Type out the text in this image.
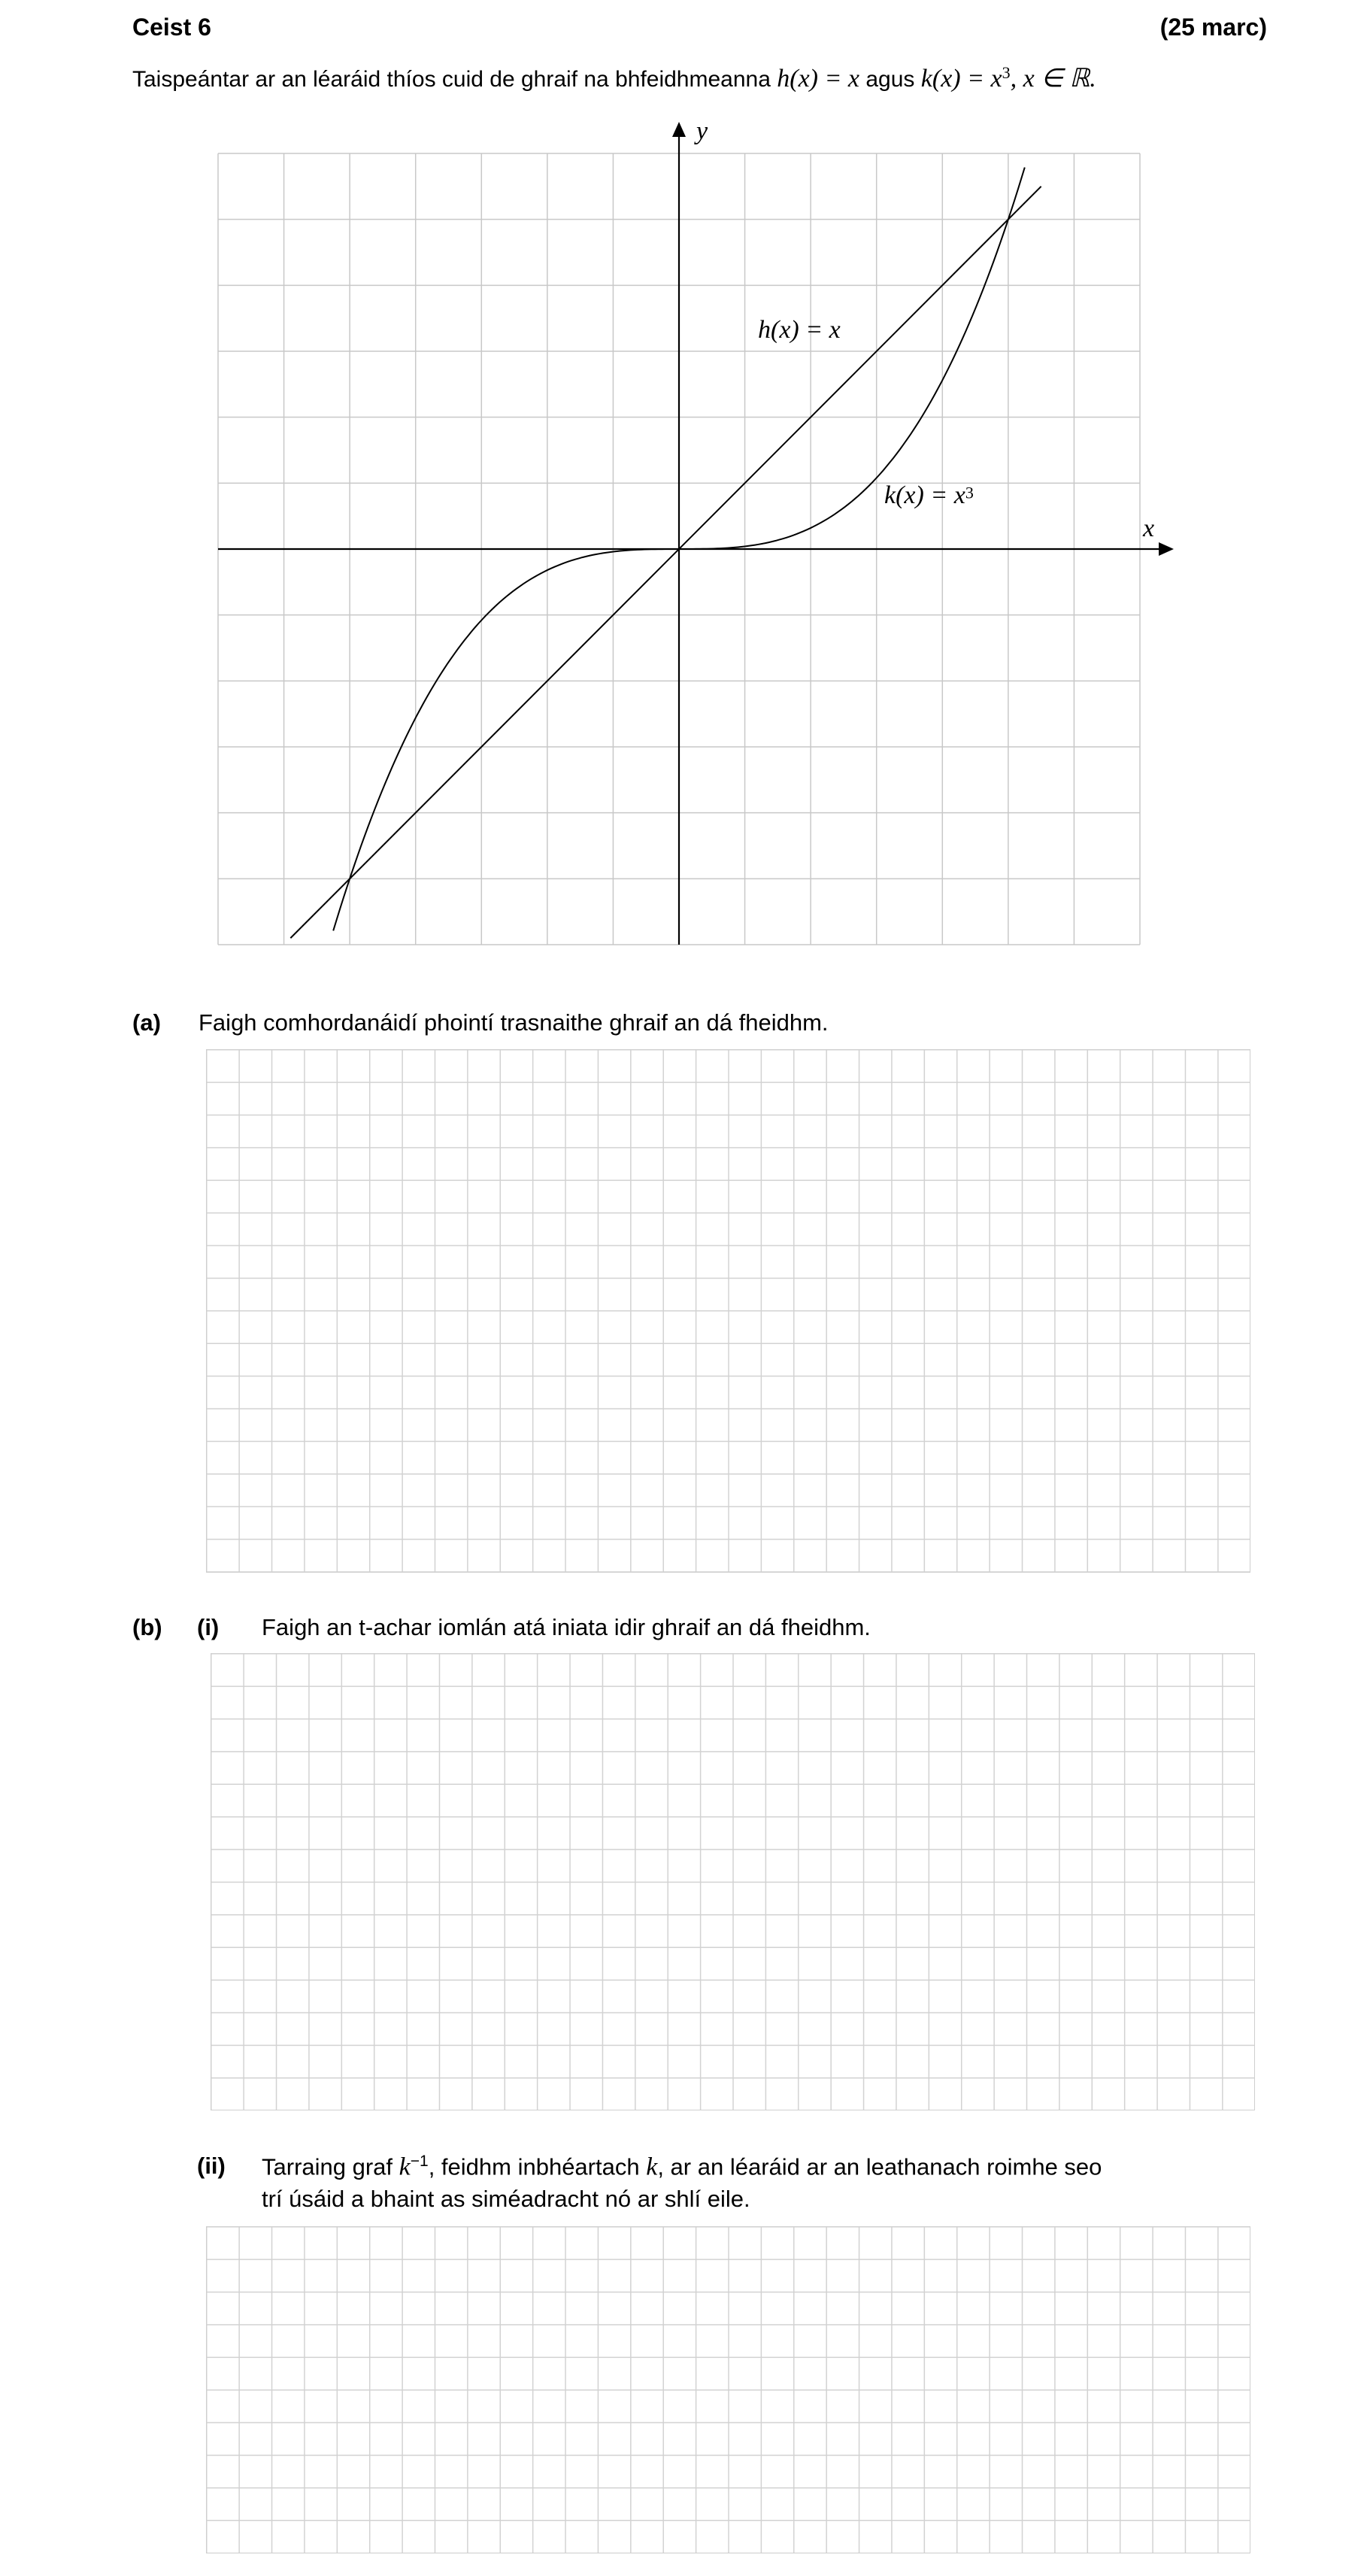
Ceist 6	(25 marc)
Taispeántar ar an léaráid thíos cuid de ghraif na bhfeidhmeanna h(x) = x agus $k(x) = x^3$, x ∈ ℝ.
y
x
h(x) = x
$k(x) = x^3$
(a) Faigh comhordanáidí phointí trasnaithe ghraif an dá fheidhm.
(b) (i) Faigh an t-achar iomlán atá iniata idir ghraif an dá fheidhm.
(ii) Tarraing graf $k^{-1}$, feidhm inbhéartach k, ar an léaráid ar an leathanach roimhe seo
trí úsáid a bhaint as siméadracht nó ar shlí eile.
